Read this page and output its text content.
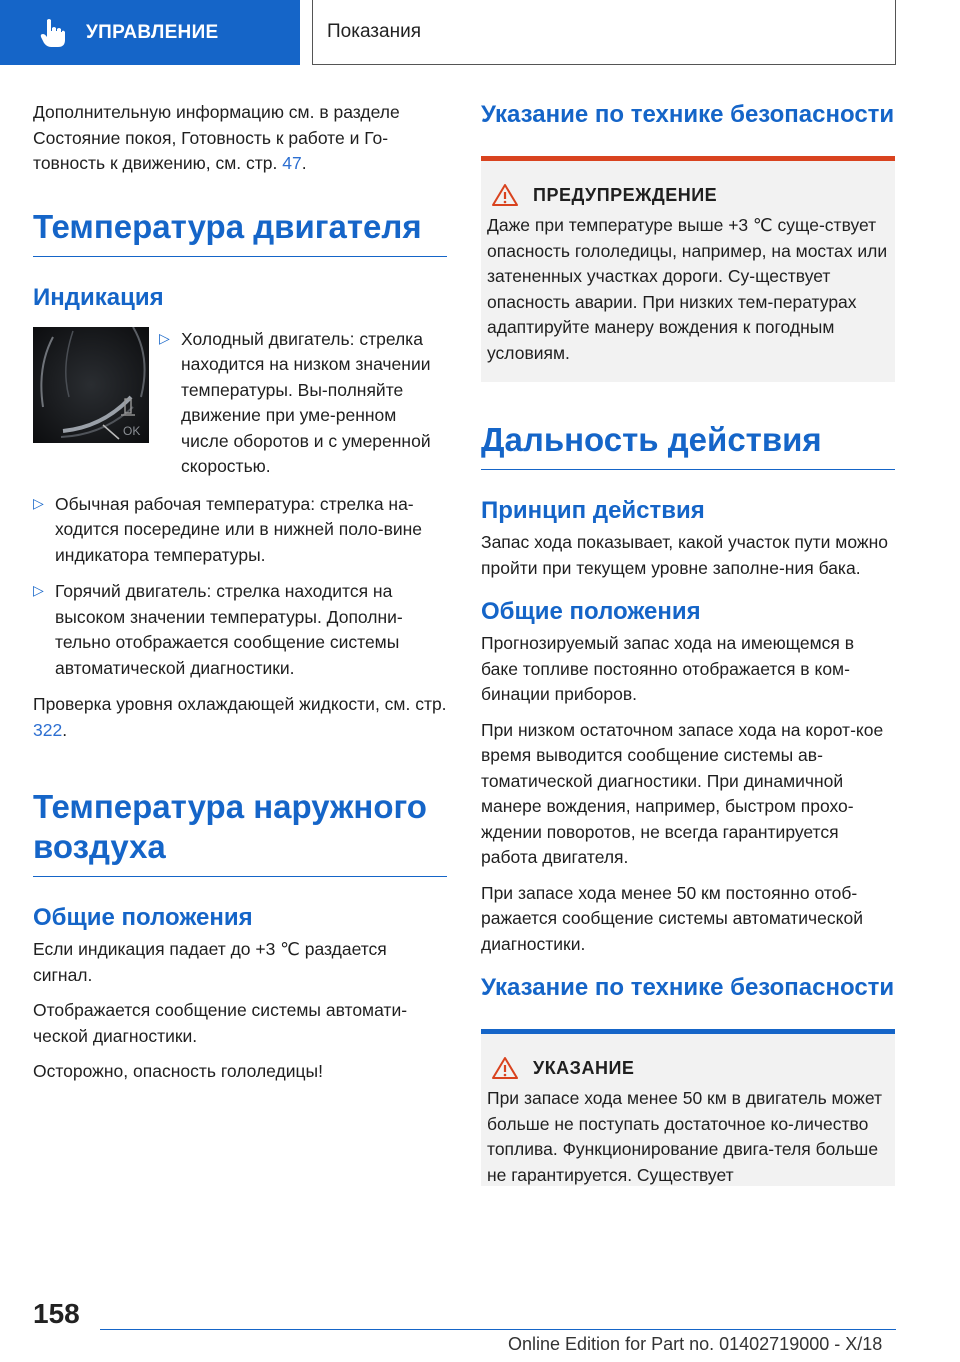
УПРАВЛЕНИЕ	Показания

Дополнительную информацию см. в разделе Состояние покоя, Готовность к работе и Го-товность к движению, см. стр. 47.

Температура двигателя
Индикация
OK
▷ Холодный двигатель: стрелка находится на низком значении температуры. Вы-полняйте движение при уме-ренном числе оборотов и с умеренной скоростью.
▷ Обычная рабочая температура: стрелка на-ходится посередине или в нижней поло-вине индикатора температуры.
▷ Горячий двигатель: стрелка находится на высоком значении температуры. Дополни-тельно отображается сообщение системы автоматической диагностики.

Проверка уровня охлаждающей жидкости, см. стр. 322.

Температура наружного воздуха
Общие положения

Если индикация падает до +3 ℃ раздается сигнал.

Отображается сообщение системы автомати-ческой диагностики.

Осторожно, опасность гололедицы!

Указание по технике безопасности
ПРЕДУПРЕЖДЕНИЕ

Даже при температуре выше +3 ℃ суще-ствует опасность гололедицы, например, на мостах или затененных участках дороги. Су-ществует опасность аварии. При низких тем-пературах адаптируйте манеру вождения к погодным условиям.

Дальность действия
Принцип действия

Запас хода показывает, какой участок пути можно пройти при текущем уровне заполне-ния бака.

Общие положения

Прогнозируемый запас хода на имеющемся в баке топливе постоянно отображается в ком-бинации приборов.

При низком остаточном запасе хода на корот-кое время выводится сообщение системы ав-томатической диагностики. При динамичной манере вождения, например, быстром прохо-ждении поворотов, не всегда гарантируется работа двигателя.

При запасе хода менее 50 км постоянно отоб-ражается сообщение системы автоматической диагностики.

Указание по технике безопасности
УКАЗАНИЕ

При запасе хода менее 50 км в двигатель может больше не поступать достаточное ко-личество топлива. Функционирование двига-теля больше не гарантируется. Существует

158
Online Edition for Part no. 01402719000 - X/18
